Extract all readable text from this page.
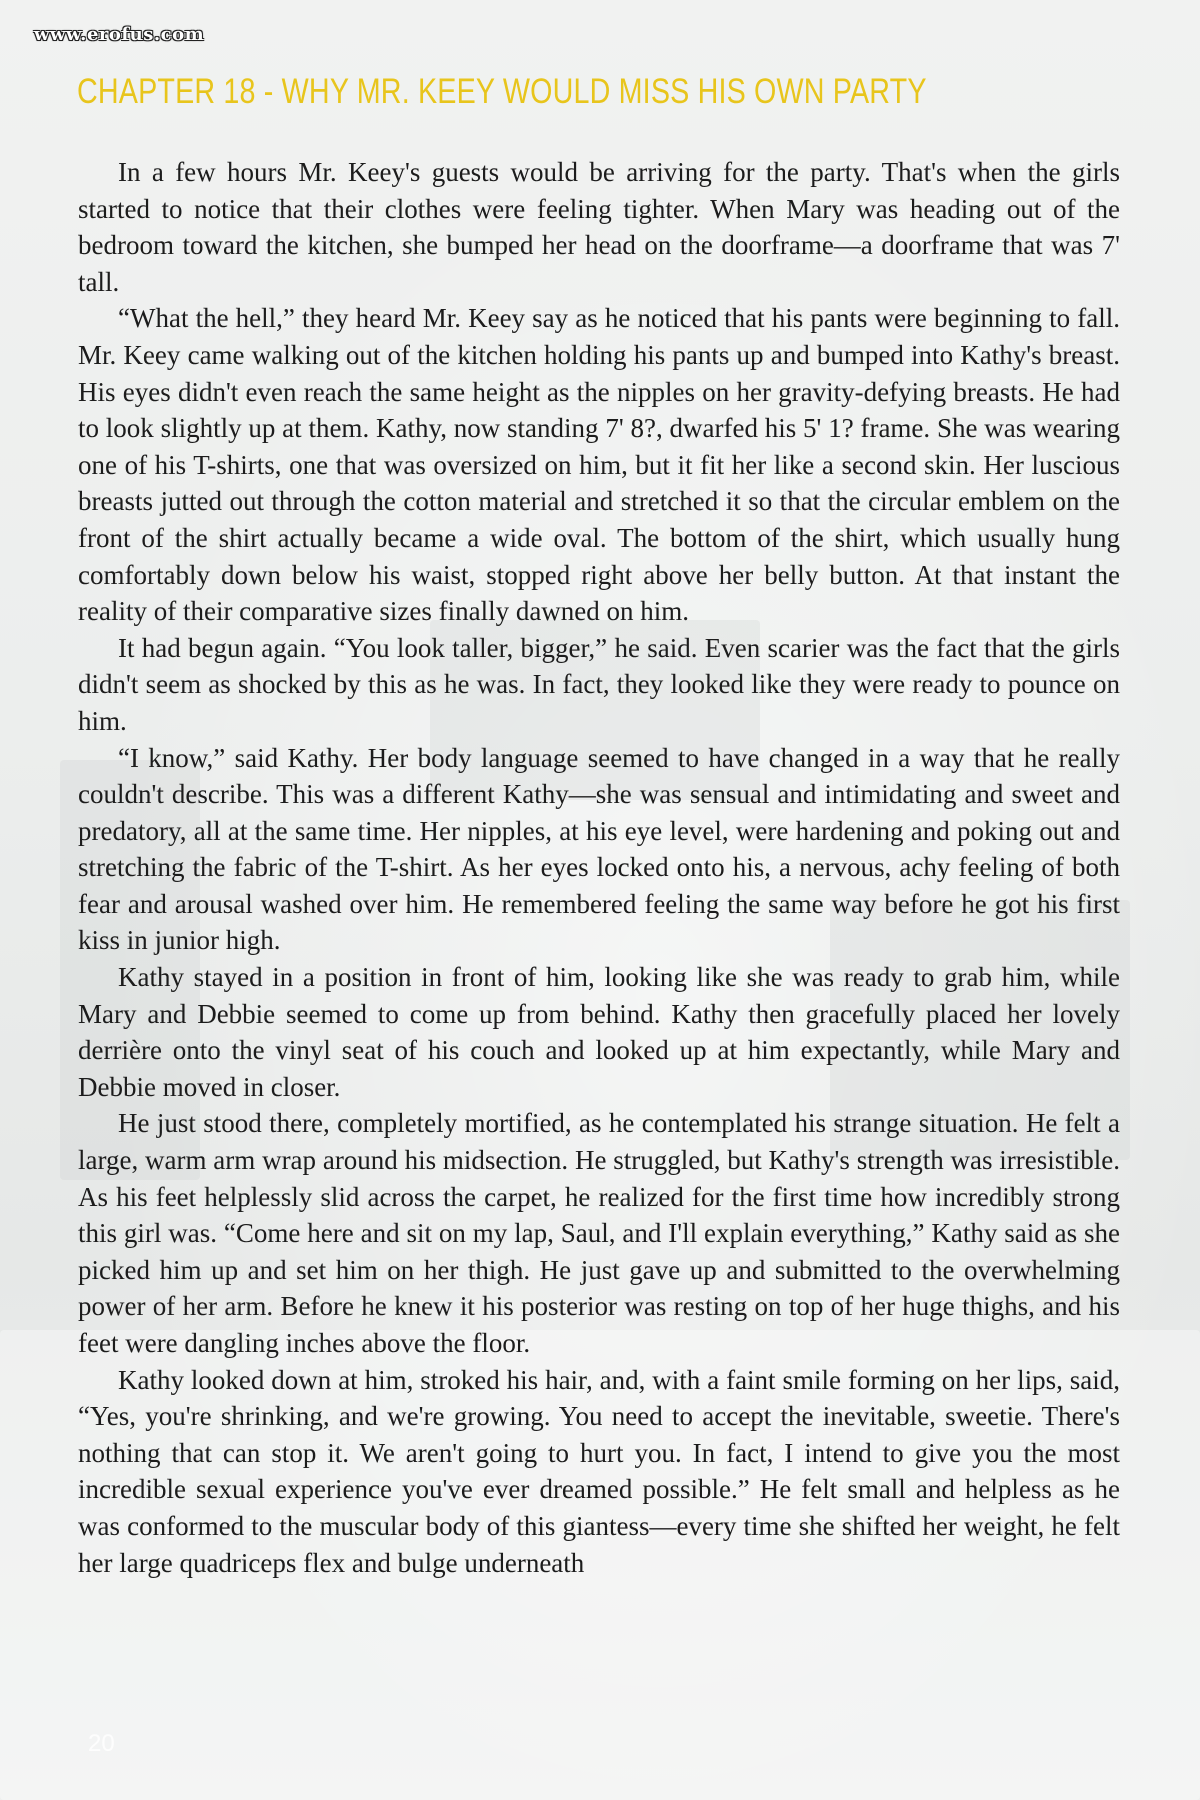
www.erofus.com
CHAPTER 18 - WHY MR. KEEY WOULD MISS HIS OWN PARTY

In a few hours Mr. Keey's guests would be arriving for the party. That's when the girls started to notice that their clothes were feeling tighter. When Mary was heading out of the bedroom toward the kitchen, she bumped her head on the doorframe—a doorframe that was 7' tall.

“What the hell,” they heard Mr. Keey say as he noticed that his pants were beginning to fall. Mr. Keey came walking out of the kitchen holding his pants up and bumped into Kathy's breast. His eyes didn't even reach the same height as the nipples on her gravity-defying breasts. He had to look slightly up at them. Kathy, now standing 7' 8?, dwarfed his 5' 1? frame. She was wearing one of his T-shirts, one that was oversized on him, but it fit her like a second skin. Her luscious breasts jutted out through the cotton material and stretched it so that the circular emblem on the front of the shirt actually became a wide oval. The bottom of the shirt, which usually hung comfortably down below his waist, stopped right above her belly button. At that instant the reality of their comparative sizes finally dawned on him.

It had begun again. “You look taller, bigger,” he said. Even scarier was the fact that the girls didn't seem as shocked by this as he was. In fact, they looked like they were ready to pounce on him.

“I know,” said Kathy. Her body language seemed to have changed in a way that he really couldn't describe. This was a different Kathy—she was sensual and intimidating and sweet and predatory, all at the same time. Her nipples, at his eye level, were hardening and poking out and stretching the fabric of the T-shirt. As her eyes locked onto his, a nervous, achy feeling of both fear and arousal washed over him. He remembered feeling the same way before he got his first kiss in junior high.

Kathy stayed in a position in front of him, looking like she was ready to grab him, while Mary and Debbie seemed to come up from behind. Kathy then gracefully placed her lovely derrière onto the vinyl seat of his couch and looked up at him expectantly, while Mary and Debbie moved in closer.

He just stood there, completely mortified, as he contemplated his strange situation. He felt a large, warm arm wrap around his midsection. He struggled, but Kathy's strength was irresistible. As his feet helplessly slid across the carpet, he realized for the first time how incredibly strong this girl was. “Come here and sit on my lap, Saul, and I'll explain everything,” Kathy said as she picked him up and set him on her thigh. He just gave up and submitted to the overwhelming power of her arm. Before he knew it his posterior was resting on top of her huge thighs, and his feet were dangling inches above the floor.

Kathy looked down at him, stroked his hair, and, with a faint smile forming on her lips, said, “Yes, you're shrinking, and we're growing. You need to accept the inevitable, sweetie. There's nothing that can stop it. We aren't going to hurt you. In fact, I intend to give you the most incredible sexual experience you've ever dreamed possible.” He felt small and helpless as he was conformed to the muscular body of this giantess—every time she shifted her weight, he felt her large quadriceps flex and bulge underneath

20
